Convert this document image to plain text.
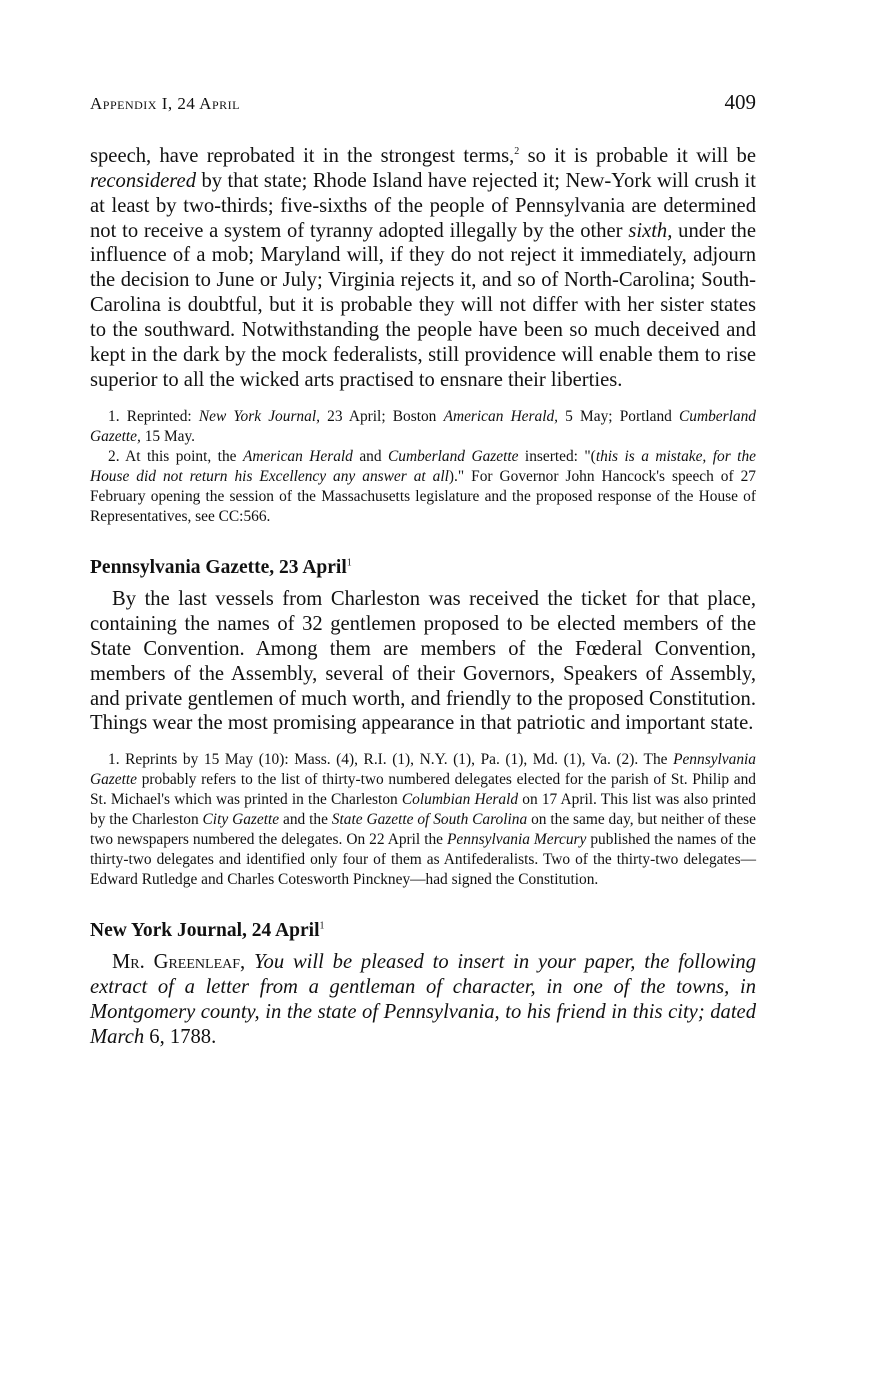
Appendix I, 24 April	409

speech, have reprobated it in the strongest terms,$^2$ so it is probable it will be reconsidered by that state; Rhode Island have rejected it; New-York will crush it at least by two-thirds; five-sixths of the people of Pennsylvania are determined not to receive a system of tyranny adopted illegally by the other sixth, under the influence of a mob; Maryland will, if they do not reject it immediately, adjourn the decision to June or July; Virginia rejects it, and so of North-Carolina; South-Carolina is doubtful, but it is probable they will not differ with her sister states to the southward. Notwithstanding the people have been so much deceived and kept in the dark by the mock federalists, still providence will enable them to rise superior to all the wicked arts practised to ensnare their liberties.

1. Reprinted: New York Journal, 23 April; Boston American Herald, 5 May; Portland Cumberland Gazette, 15 May.

2. At this point, the American Herald and Cumberland Gazette inserted: "(this is a mistake, for the House did not return his Excellency any answer at all)." For Governor John Hancock's speech of 27 February opening the session of the Massachusetts legislature and the proposed response of the House of Representatives, see CC:566.

Pennsylvania Gazette, 23 April$^1$

By the last vessels from Charleston was received the ticket for that place, containing the names of 32 gentlemen proposed to be elected members of the State Convention. Among them are members of the Fœderal Convention, members of the Assembly, several of their Governors, Speakers of Assembly, and private gentlemen of much worth, and friendly to the proposed Constitution. Things wear the most promising appearance in that patriotic and important state.

1. Reprints by 15 May (10): Mass. (4), R.I. (1), N.Y. (1), Pa. (1), Md. (1), Va. (2). The Pennsylvania Gazette probably refers to the list of thirty-two numbered delegates elected for the parish of St. Philip and St. Michael's which was printed in the Charleston Columbian Herald on 17 April. This list was also printed by the Charleston City Gazette and the State Gazette of South Carolina on the same day, but neither of these two newspapers numbered the delegates. On 22 April the Pennsylvania Mercury published the names of the thirty-two delegates and identified only four of them as Antifederalists. Two of the thirty-two delegates—Edward Rutledge and Charles Cotesworth Pinckney—had signed the Constitution.

New York Journal, 24 April$^1$

Mr. Greenleaf, You will be pleased to insert in your paper, the following extract of a letter from a gentleman of character, in one of the towns, in Montgomery county, in the state of Pennsylvania, to his friend in this city; dated March 6, 1788.
